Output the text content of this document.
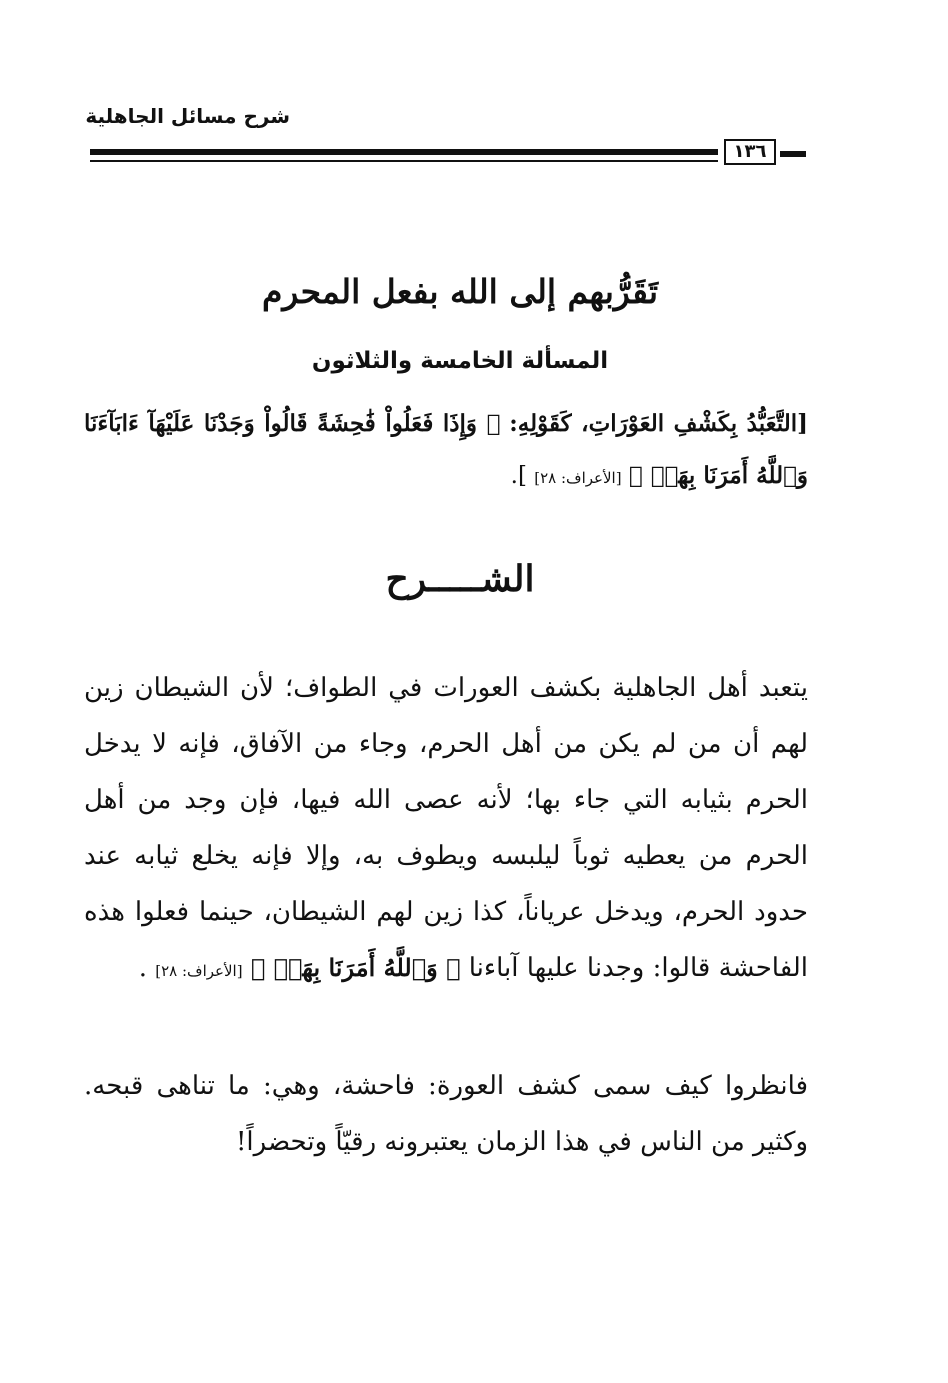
شرح مسائل الجاهلية
١٣٦
تَقَرُّبهم إلى الله بفعل المحرم
المسألة الخامسة والثلاثون
[التَّعَبُّدُ بِكَشْفِ العَوْرَاتِ، كَقَوْلِهِ: ﴿ وَإِذَا فَعَلُواْ فَٰحِشَةً قَالُواْ وَجَدْنَا عَلَيْهَآ ءَابَآءَنَا وَٱللَّهُ أَمَرَنَا بِهَاۗ ﴾ [الأعراف: ٢٨] ].
الشـــــرح
يتعبد أهل الجاهلية بكشف العورات في الطواف؛ لأن الشيطان زين لهم أن من لم يكن من أهل الحرم، وجاء من الآفاق، فإنه لا يدخل الحرم بثيابه التي جاء بها؛ لأنه عصى الله فيها، فإن وجد من أهل الحرم من يعطيه ثوباً ليلبسه ويطوف به، وإلا فإنه يخلع ثيابه عند حدود الحرم، ويدخل عرياناً، كذا زين لهم الشيطان، حينما فعلوا هذه الفاحشة قالوا: وجدنا عليها آباءنا ﴿ وَٱللَّهُ أَمَرَنَا بِهَاۗ ﴾ [الأعراف: ٢٨] .
فانظروا كيف سمى كشف العورة: فاحشة، وهي: ما تناهى قبحه. وكثير من الناس في هذا الزمان يعتبرونه رقيّاً وتحضراً!
